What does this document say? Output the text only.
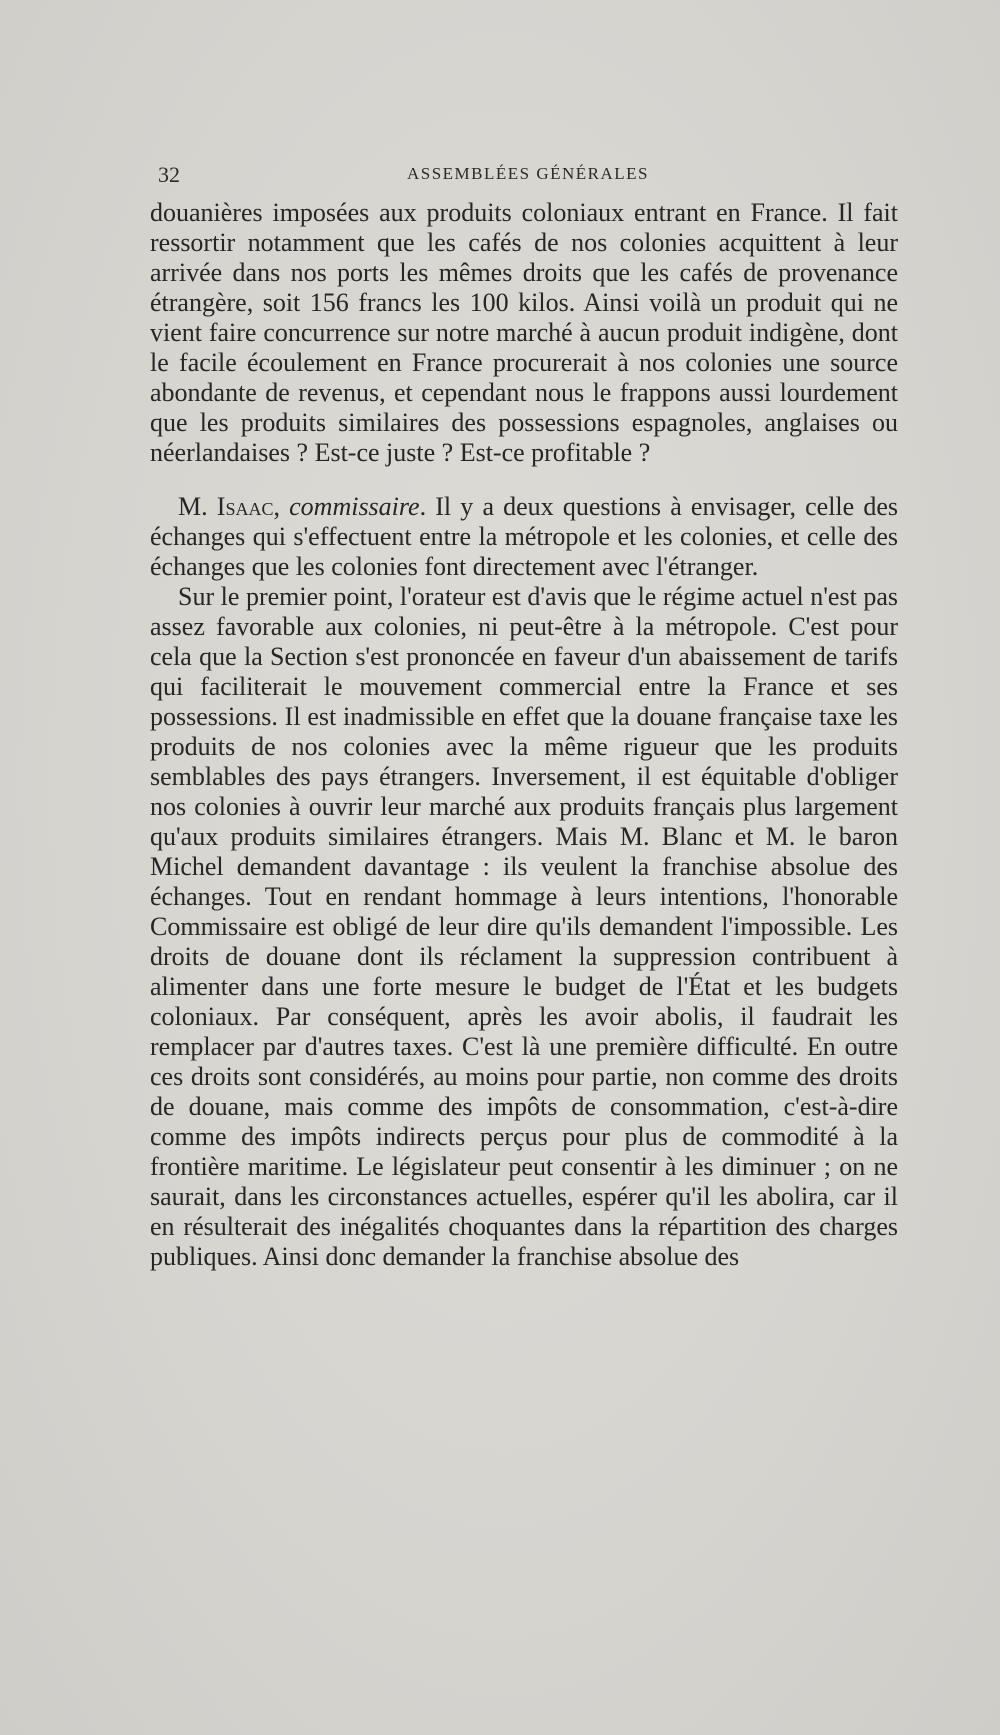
32	ASSEMBLÉES GÉNÉRALES

douanières imposées aux produits coloniaux entrant en France. Il fait ressortir notamment que les cafés de nos colonies acquittent à leur arrivée dans nos ports les mêmes droits que les cafés de provenance étrangère, soit 156 francs les 100 kilos. Ainsi voilà un produit qui ne vient faire concurrence sur notre marché à aucun produit indigène, dont le facile écoulement en France procurerait à nos colonies une source abondante de revenus, et cependant nous le frappons aussi lourdement que les produits similaires des possessions espagnoles, anglaises ou néerlandaises ? Est-ce juste ? Est-ce profitable ?

M. Isaac, commissaire. Il y a deux questions à envisager, celle des échanges qui s'effectuent entre la métropole et les colonies, et celle des échanges que les colonies font directement avec l'étranger.

Sur le premier point, l'orateur est d'avis que le régime actuel n'est pas assez favorable aux colonies, ni peut-être à la métropole. C'est pour cela que la Section s'est prononcée en faveur d'un abaissement de tarifs qui faciliterait le mouvement commercial entre la France et ses possessions. Il est inadmissible en effet que la douane française taxe les produits de nos colonies avec la même rigueur que les produits semblables des pays étrangers. Inversement, il est équitable d'obliger nos colonies à ouvrir leur marché aux produits français plus largement qu'aux produits similaires étrangers. Mais M. Blanc et M. le baron Michel demandent davantage : ils veulent la franchise absolue des échanges. Tout en rendant hommage à leurs intentions, l'honorable Commissaire est obligé de leur dire qu'ils demandent l'impossible. Les droits de douane dont ils réclament la suppression contribuent à alimenter dans une forte mesure le budget de l'État et les budgets coloniaux. Par conséquent, après les avoir abolis, il faudrait les remplacer par d'autres taxes. C'est là une première difficulté. En outre ces droits sont considérés, au moins pour partie, non comme des droits de douane, mais comme des impôts de consommation, c'est-à-dire comme des impôts indirects perçus pour plus de commodité à la frontière maritime. Le législateur peut consentir à les diminuer ; on ne saurait, dans les circonstances actuelles, espérer qu'il les abolira, car il en résulterait des inégalités choquantes dans la répartition des charges publiques. Ainsi donc demander la franchise absolue des
